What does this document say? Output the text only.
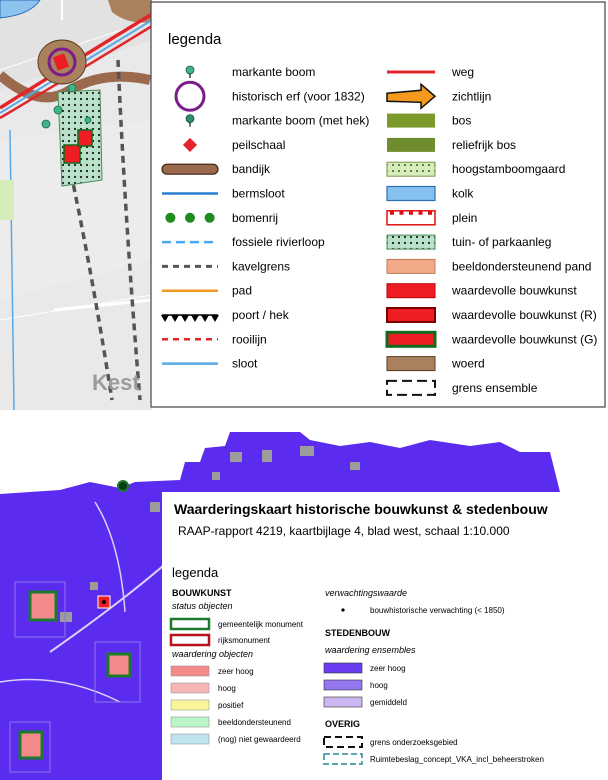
Kest
legenda
markante boom
historisch erf (voor 1832)
markante boom (met hek)
peilschaal
bandijk
bermsloot
bomenrij
fossiele rivierloop
kavelgrens
pad
poort / hek
rooilijn
sloot
weg
zichtlijn
bos
reliefrijk bos
hoogstamboomgaard
kolk
plein
tuin- of parkaanleg
beeldondersteunend pand
waardevolle bouwkunst
waardevolle bouwkunst (R)
waardevolle bouwkunst (G)
woerd
grens ensemble
Waarderingskaart historische bouwkunst & stedenbouw
RAAP-rapport 4219, kaartbijlage 4, blad west, schaal 1:10.000
legenda
BOUWKUNST
status objecten
gemeentelijk monument
rijksmonument
waardering objecten
zeer hoog
hoog
positief
beeldondersteunend
(nog) niet gewaardeerd
verwachtingswaarde
bouwhistorische verwachting (< 1850)
STEDENBOUW
waardering ensembles
zeer hoog
hoog
gemiddeld
OVERIG
grens onderzoeksgebied
Ruimtebeslag_concept_VKA_incl_beheerstroken
